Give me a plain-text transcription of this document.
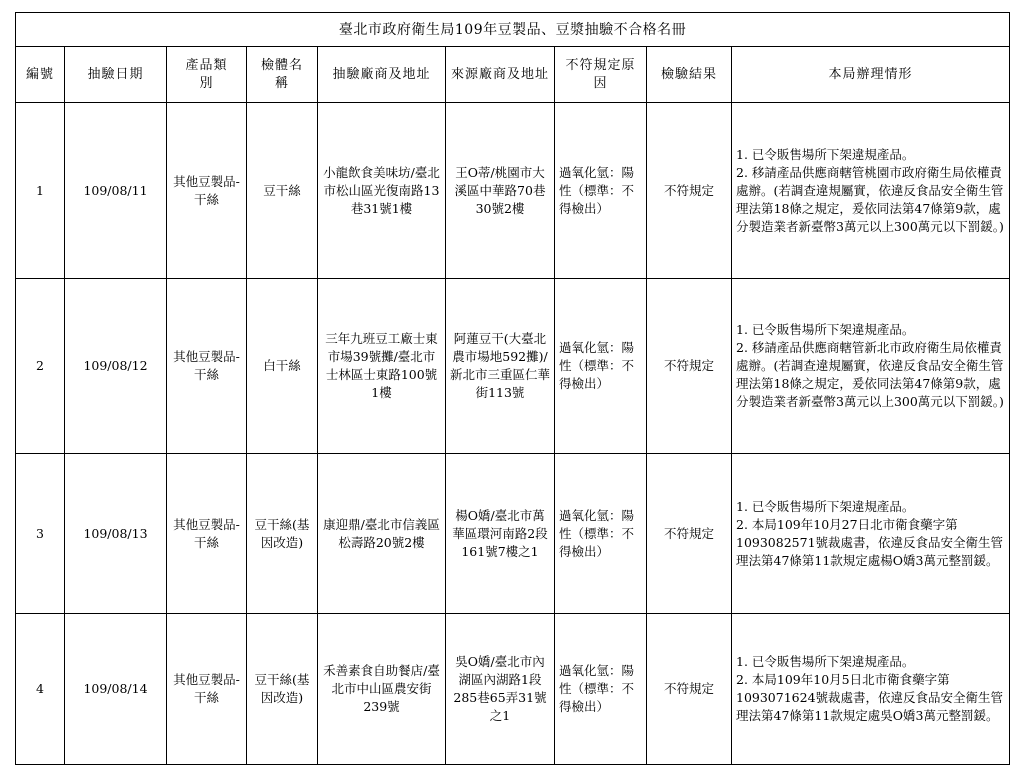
臺北市政府衛生局109年豆製品、豆漿抽驗不合格名冊								
編號	抽驗日期	產品類別	檢體名稱	抽驗廠商及地址	來源廠商及地址	不符規定原因	檢驗結果	本局辦理情形
1	109/08/11	其他豆製品-干絲	豆干絲	小龍飲食美味坊/臺北市松山區光復南路13巷31號1樓	王O蒂/桃園市大溪區中華路70巷30號2樓	過氧化氫：陽性（標準：不得檢出）	不符規定	1. 已令販售場所下架違規產品。
2. 移請產品供應商轄管桃園市政府衛生局依權責處辦。(若調查違規屬實，依違反食品安全衛生管理法第18條之規定，爰依同法第47條第9款，處分製造業者新臺幣3萬元以上300萬元以下罰鍰。)
2	109/08/12	其他豆製品-干絲	白干絲	三年九班豆工廠士東市場39號攤/臺北市士林區士東路100號1樓	阿蓮豆干(大臺北農市場地592攤)/新北市三重區仁華街113號	過氧化氫：陽性（標準：不得檢出）	不符規定	1. 已令販售場所下架違規產品。
2. 移請產品供應商轄管新北市政府衛生局依權責處辦。(若調查違規屬實，依違反食品安全衛生管理法第18條之規定，爰依同法第47條第9款，處分製造業者新臺幣3萬元以上300萬元以下罰鍰。)
3	109/08/13	其他豆製品-干絲	豆干絲(基因改造)	康迎鼎/臺北市信義區松壽路20號2樓	楊O嬌/臺北市萬華區環河南路2段161號7樓之1	過氧化氫：陽性（標準：不得檢出）	不符規定	1. 已令販售場所下架違規產品。
2. 本局109年10月27日北市衛食藥字第1093082571號裁處書，依違反食品安全衛生管理法第47條第11款規定處楊O嬌3萬元整罰鍰。
4	109/08/14	其他豆製品-干絲	豆干絲(基因改造)	禾善素食自助餐店/臺北市中山區農安街239號	吳O嬌/臺北市內湖區內湖路1段285巷65弄31號之1	過氧化氫：陽性（標準：不得檢出）	不符規定	1. 已令販售場所下架違規產品。
2. 本局109年10月5日北市衛食藥字第1093071624號裁處書，依違反食品安全衛生管理法第47條第11款規定處吳O嬌3萬元整罰鍰。
